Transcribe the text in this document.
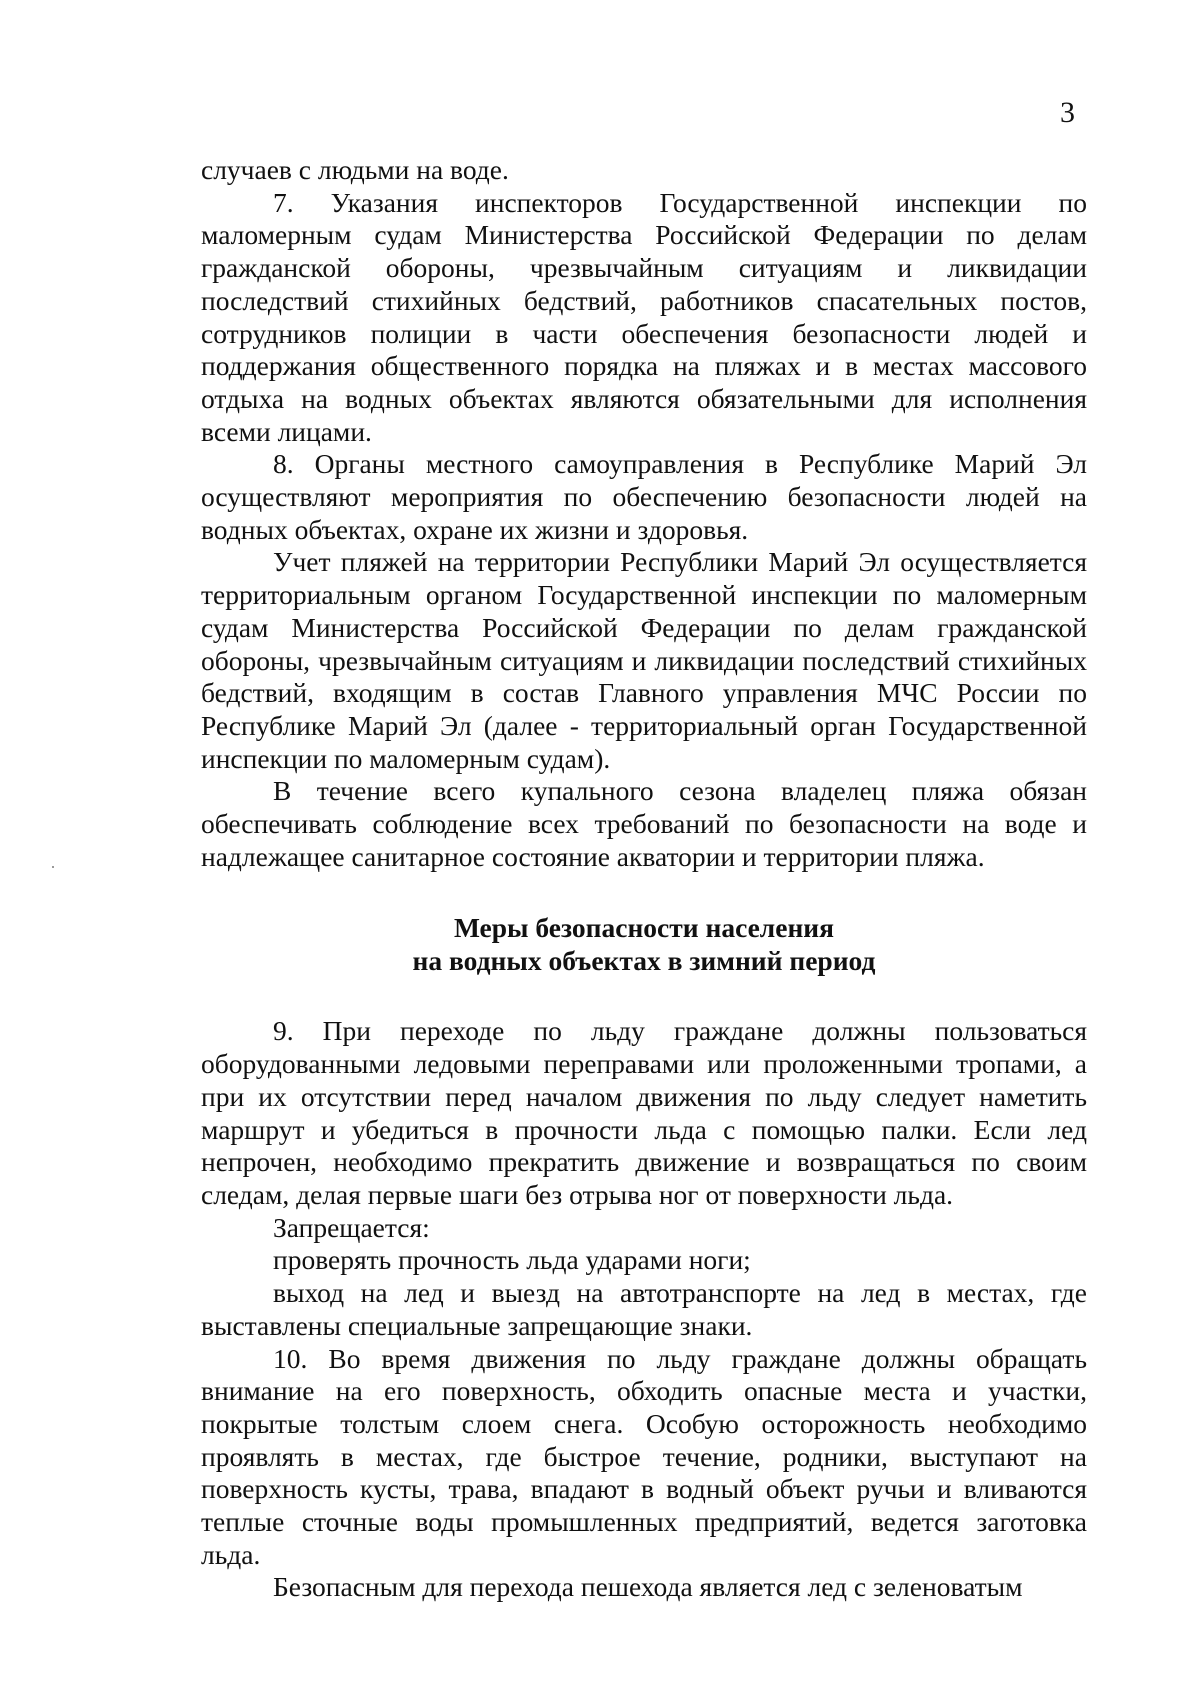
3

случаев с людьми на воде.

7. Указания инспекторов Государственной инспекции по маломерным судам Министерства Российской Федерации по делам гражданской обороны, чрезвычайным ситуациям и ликвидации последствий стихийных бедствий, работников спасательных постов, сотрудников полиции в части обеспечения безопасности людей и поддержания общественного порядка на пляжах и в местах массового отдыха на водных объектах являются обязательными для исполнения всеми лицами.

8. Органы местного самоуправления в Республике Марий Эл осуществляют мероприятия по обеспечению безопасности людей на водных объектах, охране их жизни и здоровья.

Учет пляжей на территории Республики Марий Эл осуществляется территориальным органом Государственной инспекции по маломерным судам Министерства Российской Федерации по делам гражданской обороны, чрезвычайным ситуациям и ликвидации последствий стихийных бедствий, входящим в состав Главного управления МЧС России по Республике Марий Эл (далее - территориальный орган Государственной инспекции по маломерным судам).

В течение всего купального сезона владелец пляжа обязан обеспечивать соблюдение всех требований по безопасности на воде и надлежащее санитарное состояние акватории и территории пляжа.

Меры безопасности населения

на водных объектах в зимний период

9. При переходе по льду граждане должны пользоваться оборудованными ледовыми переправами или проложенными тропами, а при их отсутствии перед началом движения по льду следует наметить маршрут и убедиться в прочности льда с помощью палки. Если лед непрочен, необходимо прекратить движение и возвращаться по своим следам, делая первые шаги без отрыва ног от поверхности льда.

Запрещается:

проверять прочность льда ударами ноги;

выход на лед и выезд на автотранспорте на лед в местах, где выставлены специальные запрещающие знаки.

10. Во время движения по льду граждане должны обращать внимание на его поверхность, обходить опасные места и участки, покрытые толстым слоем снега. Особую осторожность необходимо проявлять в местах, где быстрое течение, родники, выступают на поверхность кусты, трава, впадают в водный объект ручьи и вливаются теплые сточные воды промышленных предприятий, ведется заготовка льда.

Безопасным для перехода пешехода является лед с зеленоватым
